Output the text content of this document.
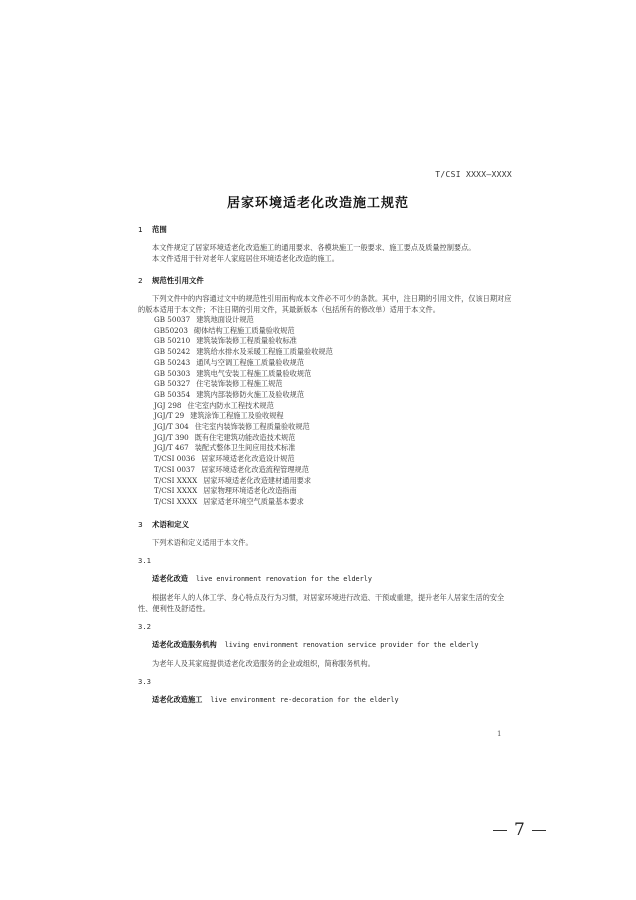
T/CSI XXXX—XXXX
居家环境适老化改造施工规范

1 范围

本文件规定了居家环境适老化改造施工的通用要求、各模块施工一般要求、施工要点及质量控制要点。

本文件适用于针对老年人家庭居住环境适老化改造的施工。

2 规范性引用文件

下列文件中的内容通过文中的规范性引用而构成本文件必不可少的条款。其中，注日期的引用文件，仅该日期对应的版本适用于本文件；不注日期的引用文件，其最新版本（包括所有的修改单）适用于本文件。

GB 50037 建筑地面设计规范
GB50203 砌体结构工程施工质量验收规范
GB 50210 建筑装饰装修工程质量验收标准
GB 50242 建筑给水排水及采暖工程施工质量验收规范
GB 50243 通风与空调工程施工质量验收规范
GB 50303 建筑电气安装工程施工质量验收规范
GB 50327 住宅装饰装修工程施工规范
GB 50354 建筑内部装修防火施工及验收规范
JGJ 298 住宅室内防水工程技术规范
JGJ/T 29 建筑涂饰工程施工及验收规程
JGJ/T 304 住宅室内装饰装修工程质量验收规范
JGJ/T 390 既有住宅建筑功能改造技术规范
JGJ/T 467 装配式整体卫生间应用技术标准
T/CSI 0036 居家环境适老化改造设计规范
T/CSI 0037 居家环境适老化改造流程管理规范
T/CSI XXXX 居家环境适老化改造建材通用要求
T/CSI XXXX 居家物理环境适老化改造指南
T/CSI XXXX 居家适老环境空气质量基本要求

3 术语和定义

下列术语和定义适用于本文件。

3.1

适老化改造 live environment renovation for the elderly

根据老年人的人体工学、身心特点及行为习惯，对居家环境进行改造、干预或重建，提升老年人居家生活的安全性、便利性及舒适性。

3.2

适老化改造服务机构 living environment renovation service provider for the elderly

为老年人及其家庭提供适老化改造服务的企业或组织，简称服务机构。

3.3

适老化改造施工 live environment re-decoration for the elderly

1
7
